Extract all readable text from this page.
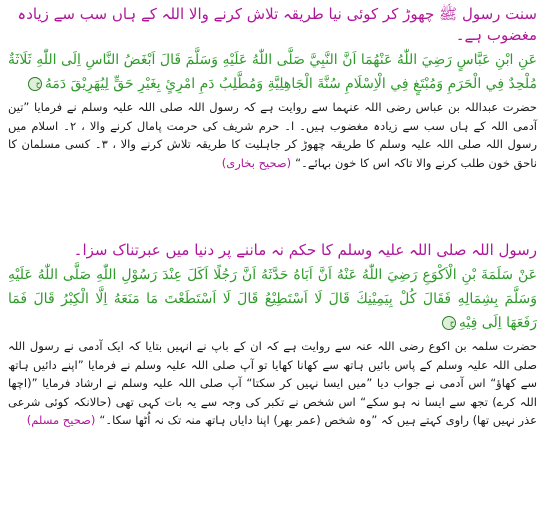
سنت رسول ﷺ چھوڑ کر کوئی نیا طریقہ تلاش کرنے والا اللہ کے ہاں سب سے زیادہ مغضوب ہے۔
عَنِ ابْنِ عَبَّاسٍ رَضِيَ اللّٰهُ عَنْهُمَا اَنَّ النَّبِيَّ صَلَّى اللّٰهُ عَلَيْهِ وَسَلَّمَ قَالَ اَبْغَضُ النَّاسِ اِلَى اللّٰهِ ثَلَاثَةٌ مُلْحِدٌ فِي الْحَرَمِ وَمُبْتَغٍ فِي الْاِسْلَامِ سُنَّةَ الْجَاهِلِيَّةِ وَمُطَّلِبُ دَمِ امْرِئٍ بِغَيْرِ حَقٍّ لِيُهَرِيْقَ دَمَهُح
حضرت عبداللہ بن عباس رضی اللہ عنہما سے روایت ہے کہ رسول اللہ صلی اللہ علیہ وسلم نے فرمایا ”تین آدمی اللہ کے ہاں سب سے زیادہ مغضوب ہیں۔ ا۔ حرم شریف کی حرمت پامال کرنے والا ، ۲۔ اسلام میں رسول اللہ صلی اللہ علیہ وسلم کا طریقہ چھوڑ کر جاہلیت کا طریقہ تلاش کرنے والا ، ۳۔ کسی مسلمان کا ناحق خون طلب کرنے والا تاکہ اس کا خون بہائے۔“(صحیح بخاری)
رسول اللہ صلی اللہ علیہ وسلم کا حکم نہ ماننے پر دنیا میں عبرتناک سزا۔
عَنْ سَلَمَةَ بْنِ الْاَكْوَعِ رَضِيَ اللّٰهُ عَنْهُ اَنَّ اَبَاهُ حَدَّثَهُ اَنَّ رَجُلًا اَكَلَ عِنْدَ رَسُوْلِ اللّٰهِ صَلَّى اللّٰهُ عَلَيْهِ وَسَلَّمَ بِشِمَالِهِ فَقَالَ كُلْ بِيَمِيْنِكَ قَالَ لَا اَسْتَطِيْعُ قَالَ لَا اَسْتَطَعْتَ مَا مَنَعَهُ اِلَّا الْكِبْرُ قَالَ فَمَا رَفَعَهَا اِلَى فِيْهِح
حضرت سلمہ بن اکوع رضی اللہ عنہ سے روایت ہے کہ ان کے باپ نے انہیں بتایا کہ ایک آدمی نے رسول اللہ صلی اللہ علیہ وسلم کے پاس بائیں ہاتھ سے کھانا کھایا تو آپ صلی اللہ علیہ وسلم نے فرمایا ”اپنے دائیں ہاتھ سے کھاؤ“ اس آدمی نے جواب دیا ”میں ایسا نہیں کر سکتا“ آپ صلی اللہ علیہ وسلم نے ارشاد فرمایا ”(اچھا اللہ کرے) تجھ سے ایسا نہ ہو سکے“ اس شخص نے تکبر کی وجہ سے یہ بات کہی تھی (حالانکہ کوئی شرعی عذر نہیں تھا) راوی کہتے ہیں کہ ”وہ شخص (عمر بھر) اپنا دایاں ہاتھ منہ تک نہ اُٹھا سکا۔“(صحیح مسلم)
